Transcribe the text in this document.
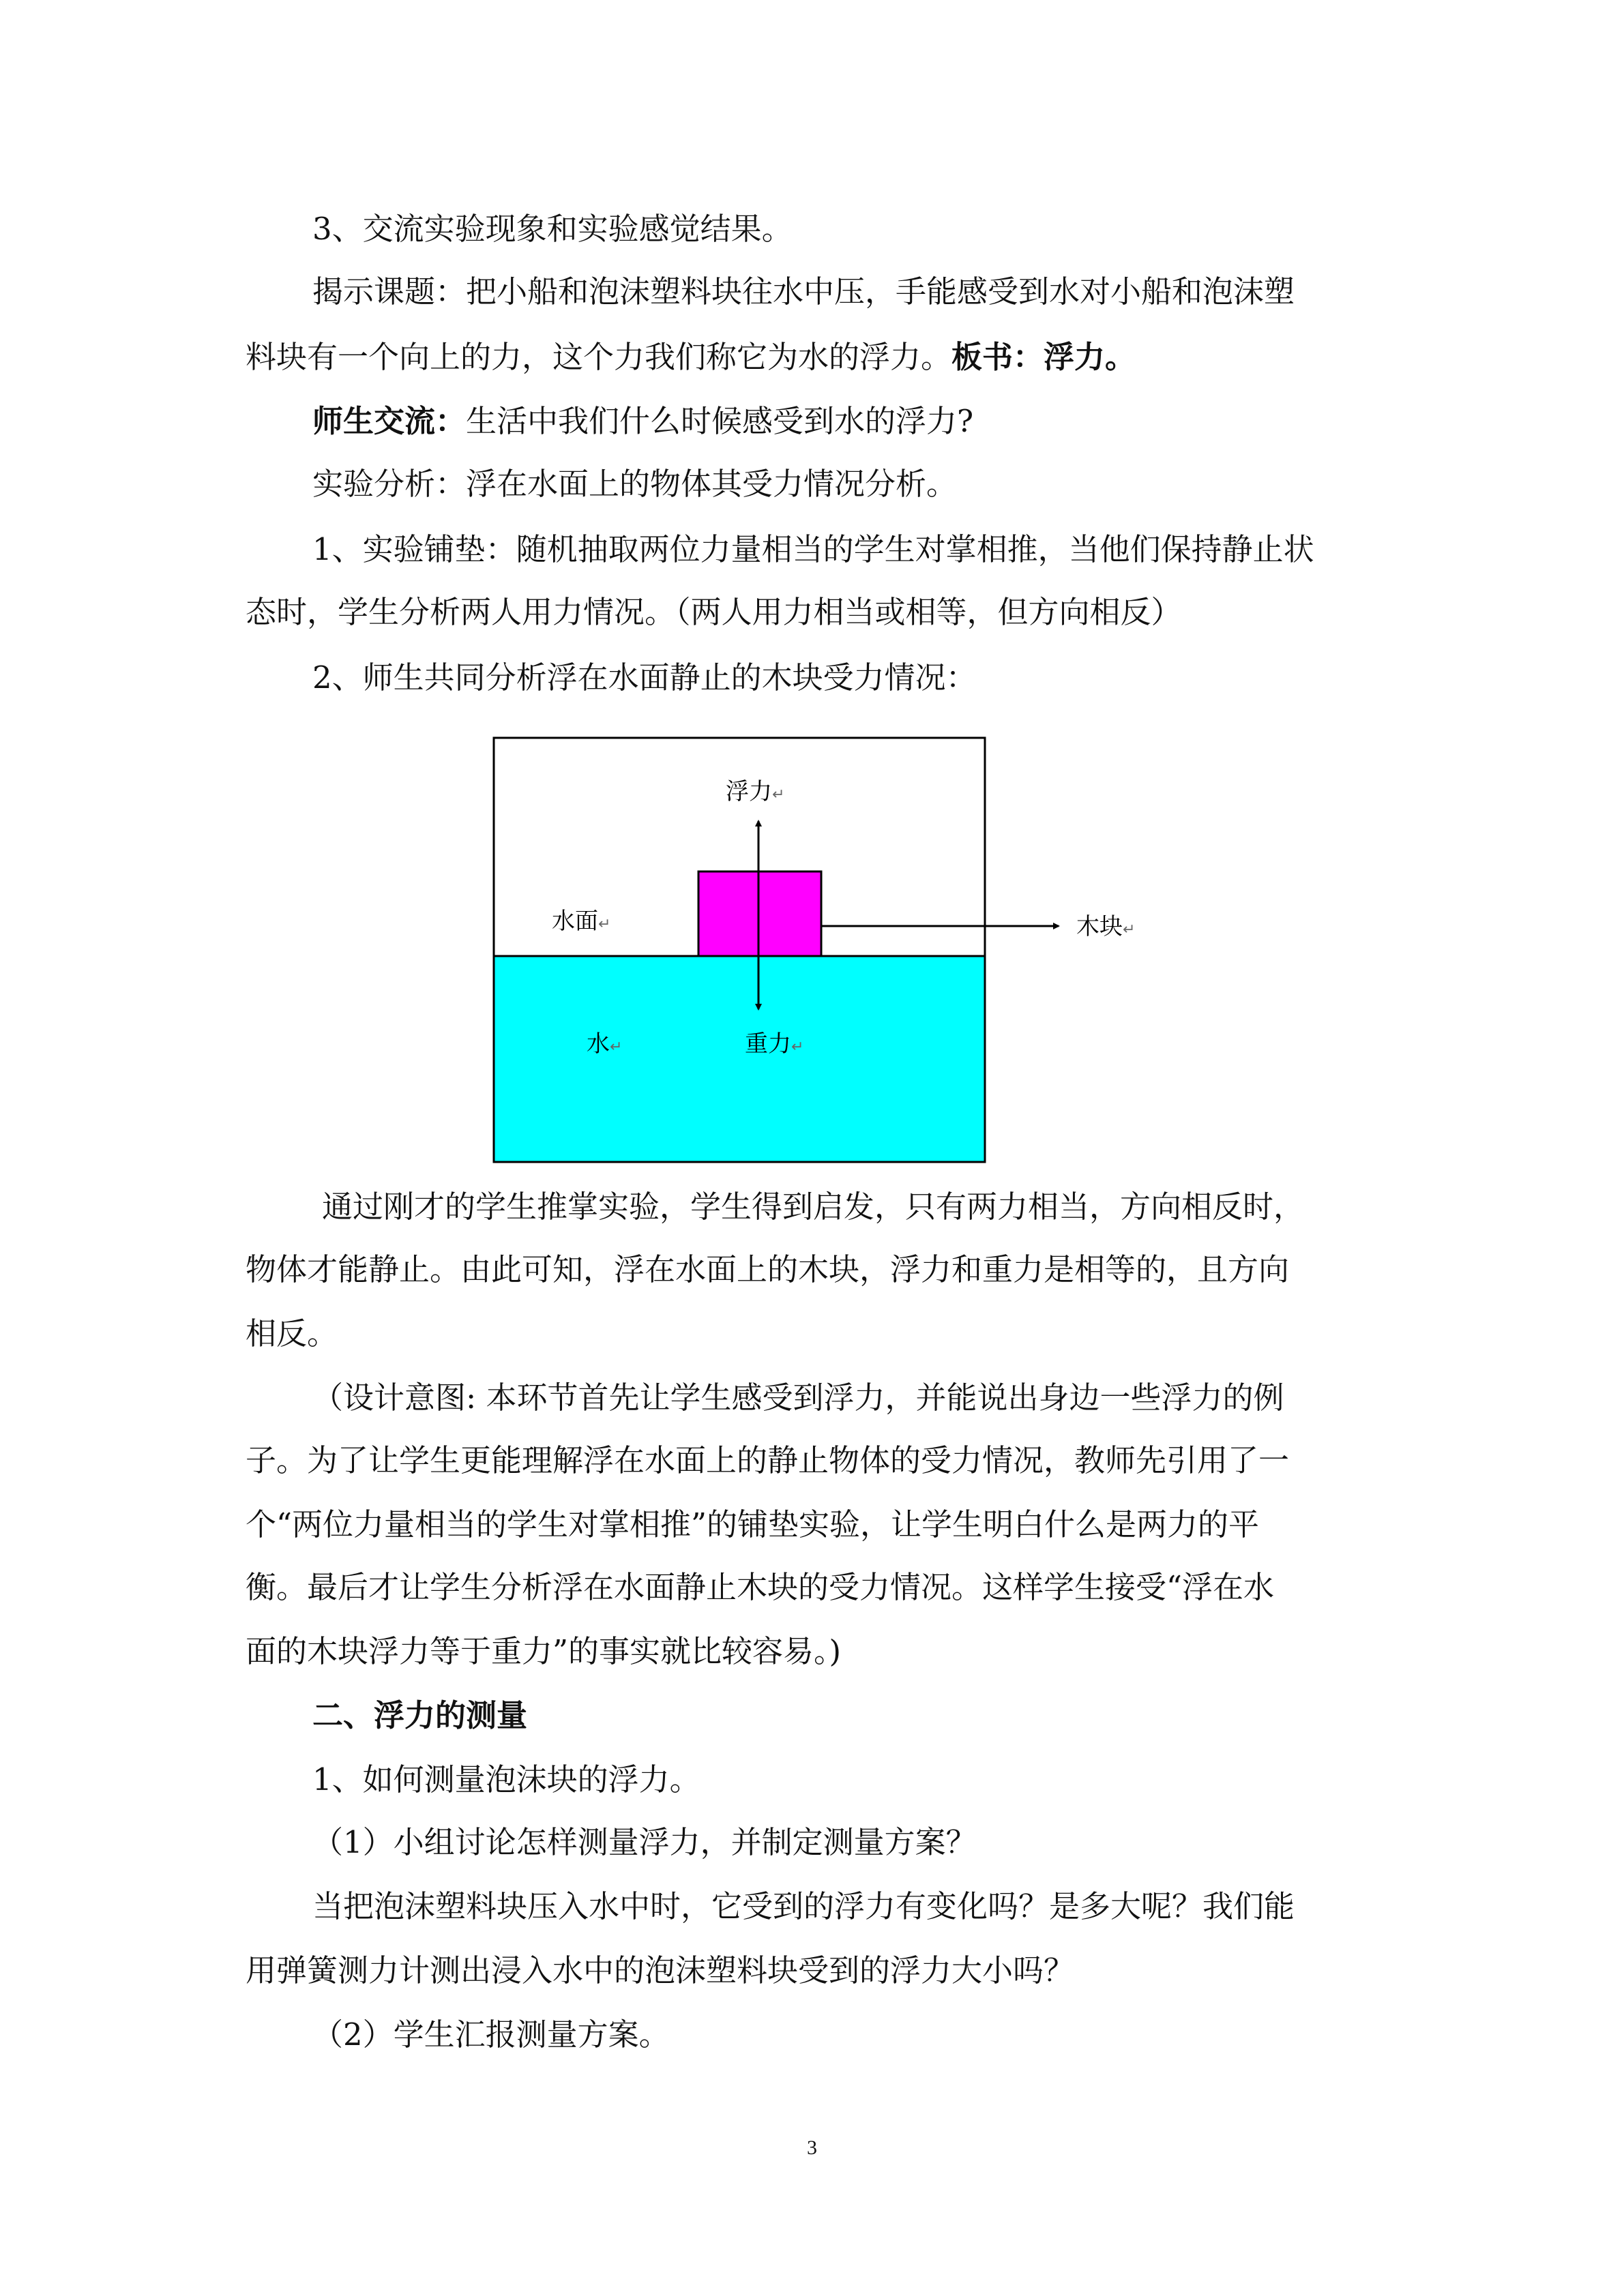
3、交流实验现象和实验感觉结果。

揭示课题：把小船和泡沫塑料块往水中压，手能感受到水对小船和泡沫塑

料块有一个向上的力，这个力我们称它为水的浮力。板书：浮力。

师生交流：生活中我们什么时候感受到水的浮力?

实验分析：浮在水面上的物体其受力情况分析。

1、实验铺垫：随机抽取两位力量相当的学生对掌相推，当他们保持静止状

态时，学生分析两人用力情况。（两人用力相当或相等，但方向相反）

2、师生共同分析浮在水面静止的木块受力情况：

浮力↵
水面↵	木块↵
水↵	重力↵

通过刚才的学生推掌实验，学生得到启发，只有两力相当，方向相反时，

物体才能静止。由此可知，浮在水面上的木块，浮力和重力是相等的，且方向

相反。

（设计意图: 本环节首先让学生感受到浮力，并能说出身边一些浮力的例

子。为了让学生更能理解浮在水面上的静止物体的受力情况，教师先引用了一

个“两位力量相当的学生对掌相推”的铺垫实验，让学生明白什么是两力的平

衡。最后才让学生分析浮在水面静止木块的受力情况。这样学生接受“浮在水

面的木块浮力等于重力”的事实就比较容易。)

二、浮力的测量

1、如何测量泡沫块的浮力。

（1）小组讨论怎样测量浮力，并制定测量方案？

当把泡沫塑料块压入水中时，它受到的浮力有变化吗？是多大呢？我们能

用弹簧测力计测出浸入水中的泡沫塑料块受到的浮力大小吗？

（2）学生汇报测量方案。

3
